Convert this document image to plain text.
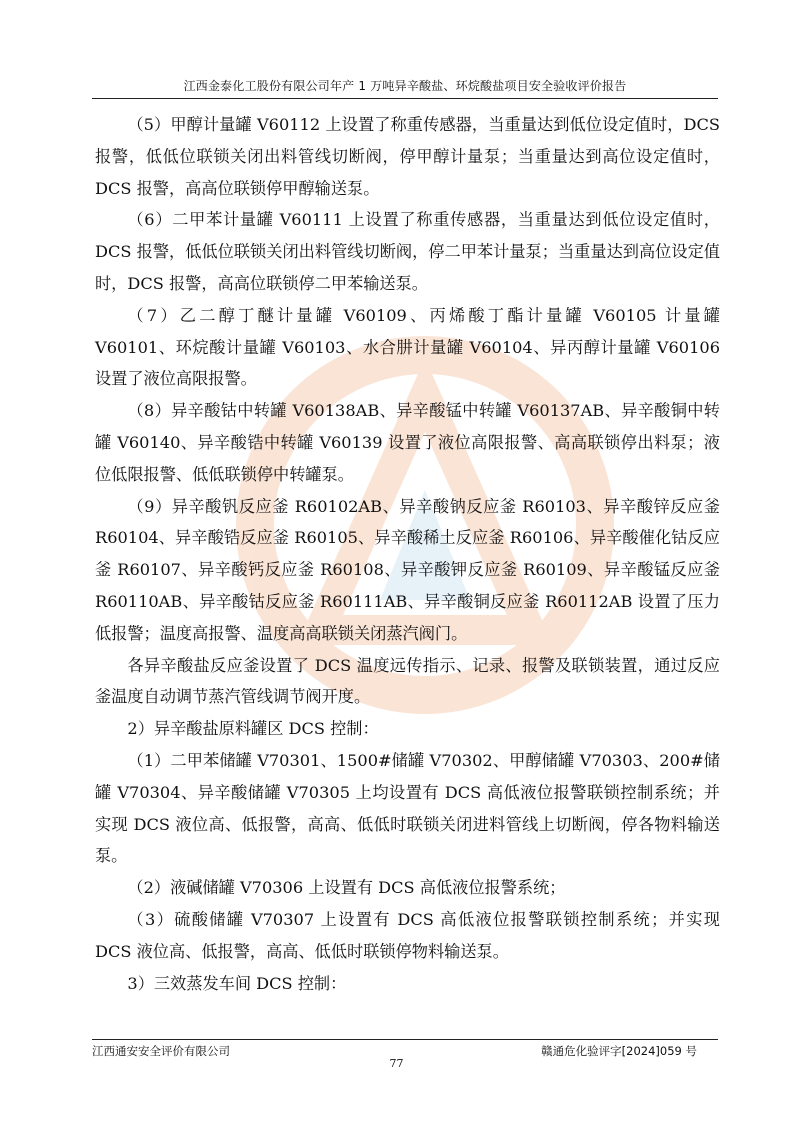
江西金泰化工股份有限公司年产 1 万吨异辛酸盐、环烷酸盐项目安全验收评价报告

（5）甲醇计量罐 V60112 上设置了称重传感器，当重量达到低位设定值时，DCS 报警，低低位联锁关闭出料管线切断阀，停甲醇计量泵；当重量达到高位设定值时，DCS 报警，高高位联锁停甲醇输送泵。

（6）二甲苯计量罐 V60111 上设置了称重传感器，当重量达到低位设定值时，DCS 报警，低低位联锁关闭出料管线切断阀，停二甲苯计量泵；当重量达到高位设定值时，DCS 报警，高高位联锁停二甲苯输送泵。

（7）乙二醇丁醚计量罐 V60109、丙烯酸丁酯计量罐 V60105 计量罐 V60101、环烷酸计量罐 V60103、水合肼计量罐 V60104、异丙醇计量罐 V60106 设置了液位高限报警。

（8）异辛酸钴中转罐 V60138AB、异辛酸锰中转罐 V60137AB、异辛酸铜中转罐 V60140、异辛酸锆中转罐 V60139 设置了液位高限报警、高高联锁停出料泵；液位低限报警、低低联锁停中转罐泵。

（9）异辛酸钒反应釜 R60102AB、异辛酸钠反应釜 R60103、异辛酸锌反应釜 R60104、异辛酸锆反应釜 R60105、异辛酸稀土反应釜 R60106、异辛酸催化钴反应釜 R60107、异辛酸钙反应釜 R60108、异辛酸钾反应釜 R60109、异辛酸锰反应釜 R60110AB、异辛酸钴反应釜 R60111AB、异辛酸铜反应釜 R60112AB 设置了压力低报警；温度高报警、温度高高联锁关闭蒸汽阀门。

各异辛酸盐反应釜设置了 DCS 温度远传指示、记录、报警及联锁装置，通过反应釜温度自动调节蒸汽管线调节阀开度。

2）异辛酸盐原料罐区 DCS 控制：

（1）二甲苯储罐 V70301、1500#储罐 V70302、甲醇储罐 V70303、200#储罐 V70304、异辛酸储罐 V70305 上均设置有 DCS 高低液位报警联锁控制系统；并实现 DCS 液位高、低报警，高高、低低时联锁关闭进料管线上切断阀，停各物料输送泵。

（2）液碱储罐 V70306 上设置有 DCS 高低液位报警系统；

（3）硫酸储罐 V70307 上设置有 DCS 高低液位报警联锁控制系统；并实现 DCS 液位高、低报警，高高、低低时联锁停物料输送泵。

3）三效蒸发车间 DCS 控制：

江西通安安全评价有限公司	赣通危化验评字[2024]059 号
77
